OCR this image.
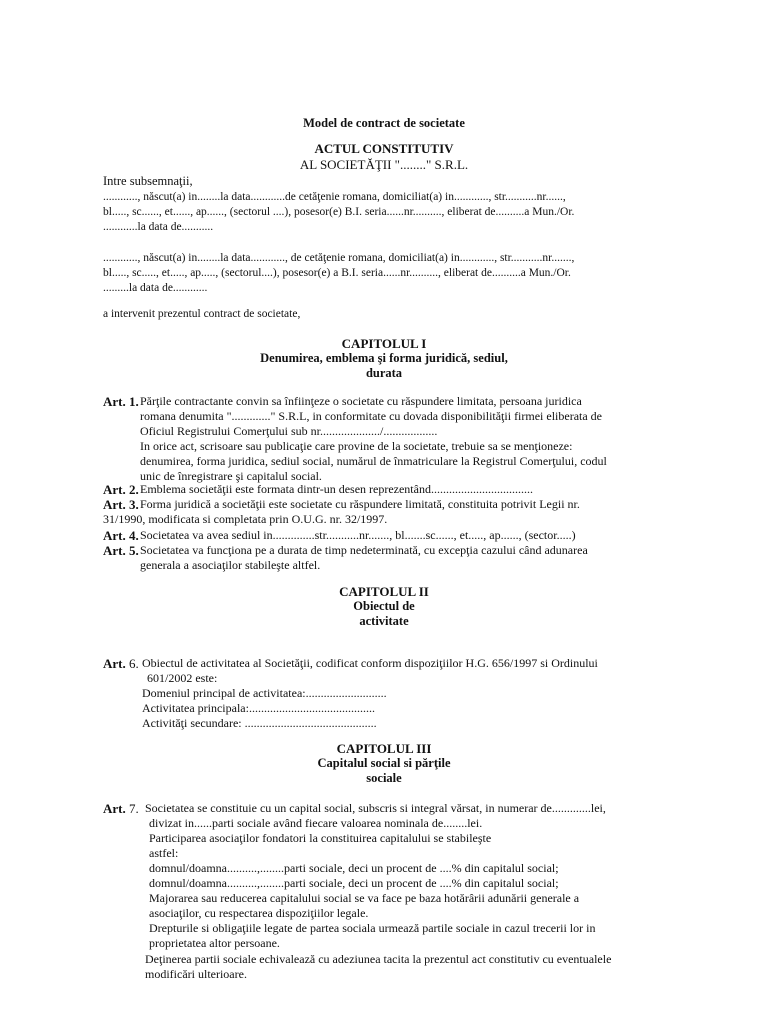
Model de contract de societate
ACTUL CONSTITUTIV
AL SOCIETĂŢII "........" S.R.L.
Intre subsemnaţii,
............, născut(a) in........la data............de cetăţenie romana, domiciliat(a) in............, str...........nr......,
bl....., sc......, et......, ap......, (sectorul ....), posesor(e) B.I. seria......nr.........., eliberat de..........a Mun./Or.
............la data de...........
............, născut(a) in........la data............, de cetăţenie romana, domiciliat(a) in............, str...........nr.......,
bl....., sc....., et....., ap....., (sectorul....), posesor(e) a B.I. seria......nr.........., eliberat de..........a Mun./Or.
.........la data de............
a intervenit prezentul contract de societate,
CAPITOLUL I
Denumirea, emblema şi forma juridică, sediul,
durata
Art. 1. Părţile contractante convin sa înfiinţeze o societate cu răspundere limitata, persoana juridica
romana denumita "............." S.R.L, in conformitate cu dovada disponibilităţii firmei eliberata de
Oficiul Registrului Comerţului sub nr..................../..................
In orice act, scrisoare sau publicaţie care provine de la societate, trebuie sa se menţioneze:
denumirea, forma juridica, sediul social, numărul de înmatriculare la Registrul Comerţului, codul
unic de înregistrare şi capitalul social.
Art. 2. Emblema societăţii este formata dintr-un desen reprezentând..................................
Art. 3. Forma juridică a societăţii este societate cu răspundere limitată, constituita potrivit Legii nr.
31/1990, modificata si completata prin O.U.G. nr. 32/1997.
Art. 4. Societatea va avea sediul in..............str...........nr......., bl.......sc......, et....., ap......, (sector.....)
Art. 5. Societatea va funcţiona pe a durata de timp nedeterminată, cu excepţia cazului când adunarea
generala a asociaţilor stabileşte altfel.
CAPITOLUL II
Obiectul de
activitate
Art. 6. Obiectul de activitatea al Societăţii, codificat conform dispoziţiilor H.G. 656/1997 si Ordinului
601/2002 este:
Domeniul principal de activitatea:...........................
Activitatea principala:..........................................
Activităţi secundare: ............................................
CAPITOLUL III
Capitalul social si părţile
sociale
Art. 7. Societatea se constituie cu un capital social, subscris si integral vărsat, in numerar de.............lei,
divizat in......parti sociale având fiecare valoarea nominala de........lei.
Participarea asociaţilor fondatori la constituirea capitalului se stabileşte
astfel:
domnul/doamna..........,........parti sociale, deci un procent de ....% din capitalul social;
domnul/doamna..........,........parti sociale, deci un procent de ....% din capitalul social;
Majorarea sau reducerea capitalului social se va face pe baza hotărârii adunării generale a
asociaţilor, cu respectarea dispoziţiilor legale.
Drepturile si obligaţiile legate de partea sociala urmează partile sociale in cazul trecerii lor in
proprietatea altor persoane.
Deţinerea partii sociale echivalează cu adeziunea tacita la prezentul act constitutiv cu eventualele
modificări ulterioare.
